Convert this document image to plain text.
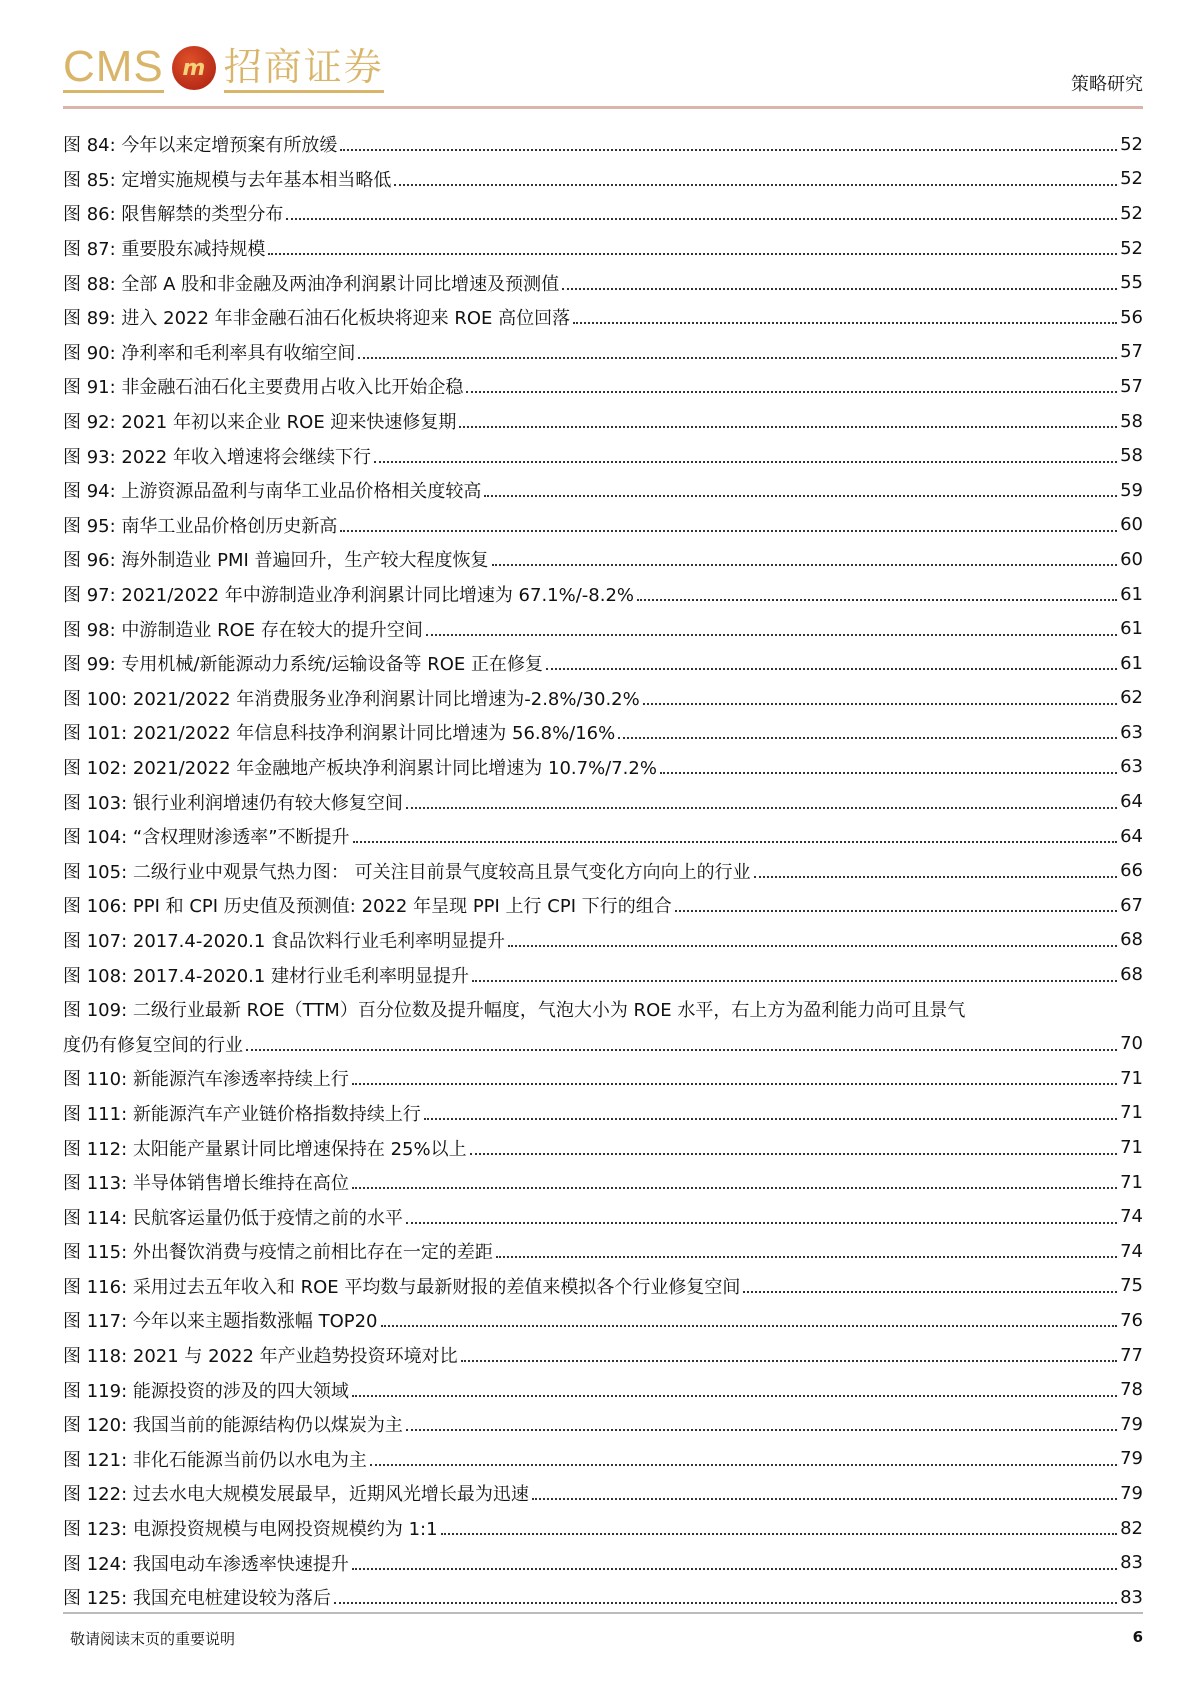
CMS m 招商证券	策略研究
图 84: 今年以来定增预案有所放缓	52
图 85: 定增实施规模与去年基本相当略低	52
图 86: 限售解禁的类型分布	52
图 87: 重要股东减持规模	52
图 88: 全部 A 股和非金融及两油净利润累计同比增速及预测值	55
图 89: 进入 2022 年非金融石油石化板块将迎来 ROE 高位回落	56
图 90: 净利率和毛利率具有收缩空间	57
图 91: 非金融石油石化主要费用占收入比开始企稳	57
图 92: 2021 年初以来企业 ROE 迎来快速修复期	58
图 93: 2022 年收入增速将会继续下行	58
图 94: 上游资源品盈利与南华工业品价格相关度较高	59
图 95: 南华工业品价格创历史新高	60
图 96: 海外制造业 PMI 普遍回升，生产较大程度恢复	60
图 97: 2021/2022 年中游制造业净利润累计同比增速为 67.1%/-8.2%	61
图 98: 中游制造业 ROE 存在较大的提升空间	61
图 99: 专用机械/新能源动力系统/运输设备等 ROE 正在修复	61
图 100: 2021/2022 年消费服务业净利润累计同比增速为-2.8%/30.2%	62
图 101: 2021/2022 年信息科技净利润累计同比增速为 56.8%/16%	63
图 102: 2021/2022 年金融地产板块净利润累计同比增速为 10.7%/7.2%	63
图 103: 银行业利润增速仍有较大修复空间	64
图 104: “含权理财渗透率”不断提升	64
图 105: 二级行业中观景气热力图： 可关注目前景气度较高且景气变化方向向上的行业	66
图 106: PPI 和 CPI 历史值及预测值: 2022 年呈现 PPI 上行 CPI 下行的组合	67
图 107: 2017.4-2020.1 食品饮料行业毛利率明显提升	68
图 108: 2017.4-2020.1 建材行业毛利率明显提升	68
图 109: 二级行业最新 ROE（TTM）百分位数及提升幅度，气泡大小为 ROE 水平，右上方为盈利能力尚可且景气
度仍有修复空间的行业	70
图 110: 新能源汽车渗透率持续上行	71
图 111: 新能源汽车产业链价格指数持续上行	71
图 112: 太阳能产量累计同比增速保持在 25%以上	71
图 113: 半导体销售增长维持在高位	71
图 114: 民航客运量仍低于疫情之前的水平	74
图 115: 外出餐饮消费与疫情之前相比存在一定的差距	74
图 116: 采用过去五年收入和 ROE 平均数与最新财报的差值来模拟各个行业修复空间	75
图 117: 今年以来主题指数涨幅 TOP20	76
图 118: 2021 与 2022 年产业趋势投资环境对比	77
图 119: 能源投资的涉及的四大领域	78
图 120: 我国当前的能源结构仍以煤炭为主	79
图 121: 非化石能源当前仍以水电为主	79
图 122: 过去水电大规模发展最早，近期风光增长最为迅速	79
图 123: 电源投资规模与电网投资规模约为 1:1	82
图 124: 我国电动车渗透率快速提升	83
图 125: 我国充电桩建设较为落后	83
敬请阅读末页的重要说明	6
